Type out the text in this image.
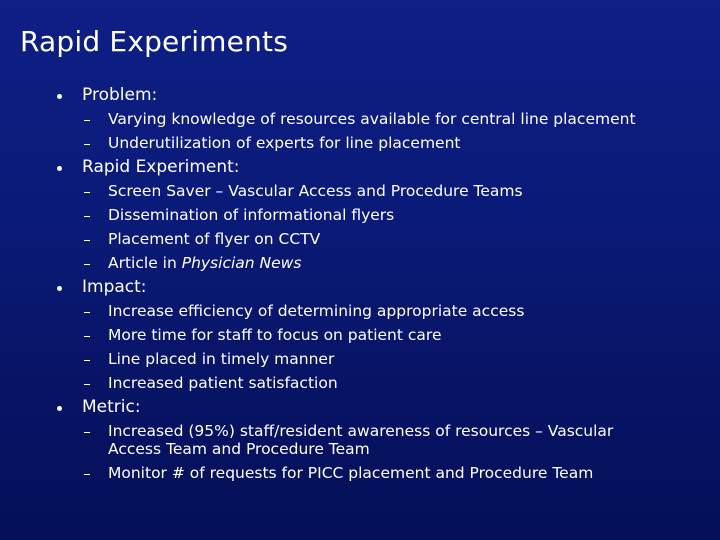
Rapid Experiments
Problem:
Varying knowledge of resources available for central line placement
Underutilization of experts for line placement
Rapid Experiment:
Screen Saver – Vascular Access and Procedure Teams
Dissemination of informational flyers
Placement of flyer on CCTV
Article in Physician News
Impact:
Increase efficiency of determining appropriate access
More time for staff to focus on patient care
Line placed in timely manner
Increased patient satisfaction
Metric:
Increased (95%) staff/resident awareness of resources – Vascular Access Team and Procedure Team
Monitor # of requests for PICC placement and Procedure Team
